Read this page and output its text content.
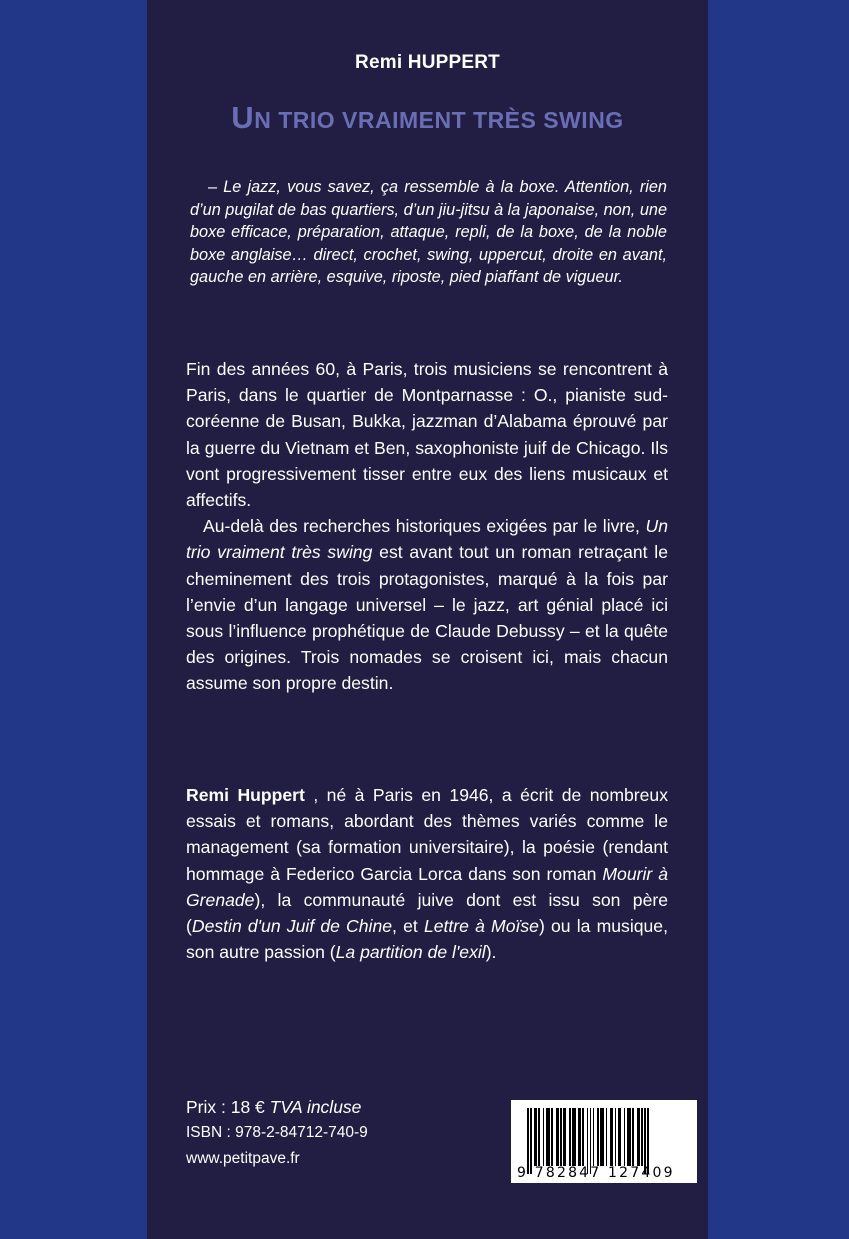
Remi HUPPERT
UN TRIO VRAIMENT TRÈS SWING
– Le jazz, vous savez, ça ressemble à la boxe. Attention, rien d’un pugilat de bas quartiers, d’un jiu-jitsu à la japonaise, non, une boxe efficace, préparation, attaque, repli, de la boxe, de la noble boxe anglaise… direct, crochet, swing, uppercut, droite en avant, gauche en arrière, esquive, riposte, pied piaffant de vigueur.

Fin des années 60, à Paris, trois musiciens se rencontrent à Paris, dans le quartier de Montparnasse : O., pianiste sud-coréenne de Busan, Bukka, jazzman d’Alabama éprouvé par la guerre du Vietnam et Ben, saxophoniste juif de Chicago. Ils vont progressivement tisser entre eux des liens musicaux et affectifs.

Au-delà des recherches historiques exigées par le livre, Un trio vraiment très swing est avant tout un roman retraçant le cheminement des trois protagonistes, marqué à la fois par l’envie d’un langage universel – le jazz, art génial placé ici sous l’influence prophétique de Claude Debussy – et la quête des origines. Trois nomades se croisent ici, mais chacun assume son propre destin.

Remi Huppert , né à Paris en 1946, a écrit de nombreux essais et romans, abordant des thèmes variés comme le management (sa formation universitaire), la poésie (rendant hommage à Federico Garcia Lorca dans son roman Mourir à Grenade), la communauté juive dont est issu son père (Destin d'un Juif de Chine, et Lettre à Moïse) ou la musique, son autre passion (La partition de l'exil).
Prix : 18 € TVA incluse
ISBN : 978-2-84712-740-9
www.petitpave.fr
9 782847 127409
